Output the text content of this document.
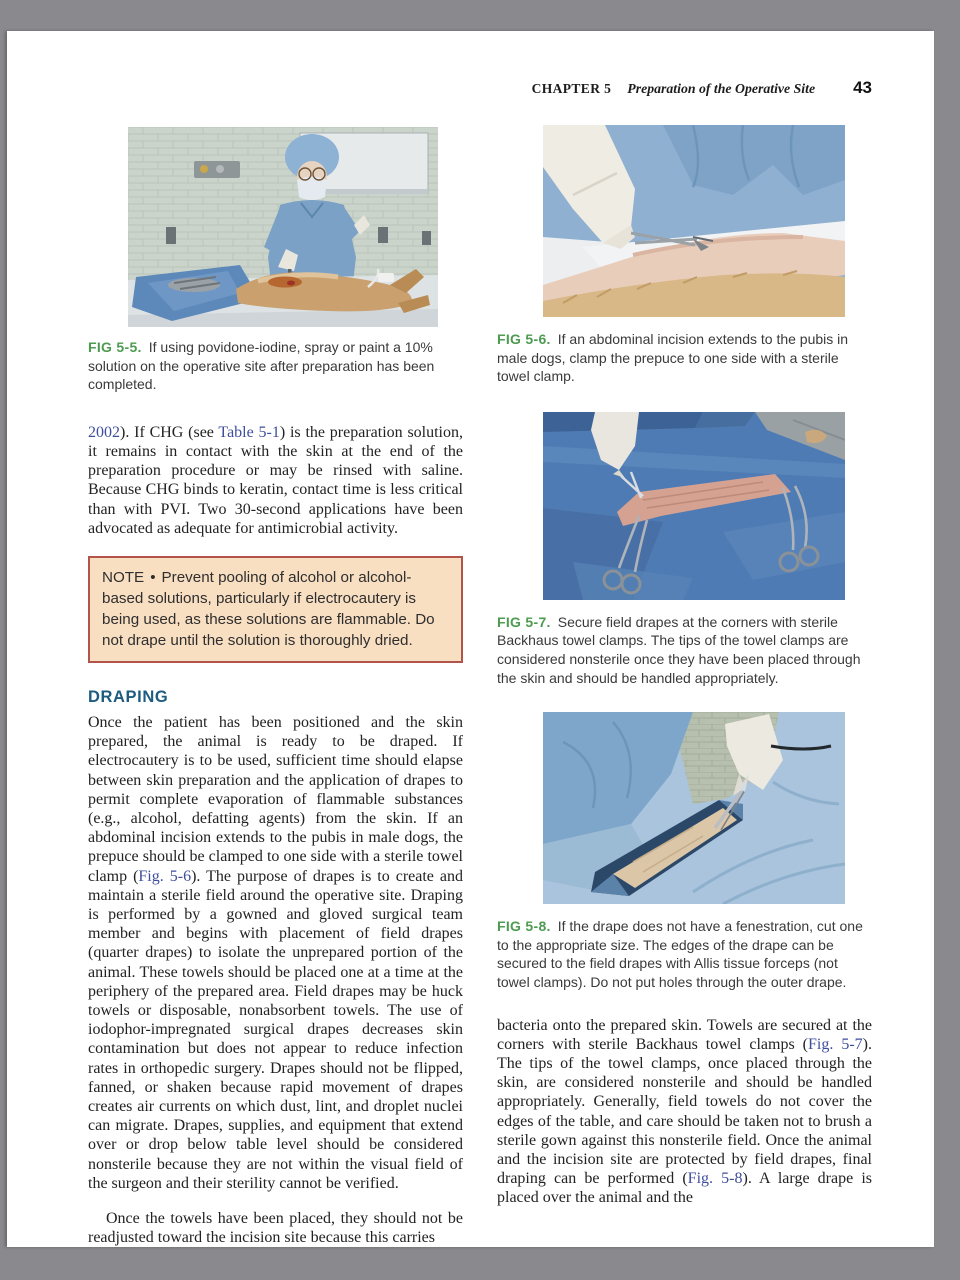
CHAPTER 5 Preparation of the Operative Site 43
FIG 5-5. If using povidone-iodine, spray or paint a 10% solution on the operative site after preparation has been completed.

2002). If CHG (see Table 5-1) is the preparation solution, it remains in contact with the skin at the end of the preparation procedure or may be rinsed with saline. Because CHG binds to keratin, contact time is less critical than with PVI. Two 30-second applications have been advocated as adequate for antimicrobial activity.

NOTE • Prevent pooling of alcohol or alcohol-based solutions, particularly if electrocautery is being used, as these solutions are flammable. Do not drape until the solution is thoroughly dried.
DRAPING

Once the patient has been positioned and the skin prepared, the animal is ready to be draped. If electrocautery is to be used, sufficient time should elapse between skin preparation and the application of drapes to permit complete evaporation of flammable substances (e.g., alcohol, defatting agents) from the skin. If an abdominal incision extends to the pubis in male dogs, the prepuce should be clamped to one side with a sterile towel clamp (Fig. 5-6). The purpose of drapes is to create and maintain a sterile field around the operative site. Draping is performed by a gowned and gloved surgical team member and begins with placement of field drapes (quarter drapes) to isolate the unprepared portion of the animal. These towels should be placed one at a time at the periphery of the prepared area. Field drapes may be huck towels or disposable, nonabsorbent towels. The use of iodophor-impregnated surgical drapes decreases skin contamination but does not appear to reduce infection rates in orthopedic surgery. Drapes should not be flipped, fanned, or shaken because rapid movement of drapes creates air currents on which dust, lint, and droplet nuclei can migrate. Drapes, supplies, and equipment that extend over or drop below table level should be considered nonsterile because they are not within the visual field of the surgeon and their sterility cannot be verified.

Once the towels have been placed, they should not be readjusted toward the incision site because this carries

FIG 5-6. If an abdominal incision extends to the pubis in male dogs, clamp the prepuce to one side with a sterile towel clamp.
FIG 5-7. Secure field drapes at the corners with sterile Backhaus towel clamps. The tips of the towel clamps are considered nonsterile once they have been placed through the skin and should be handled appropriately.
FIG 5-8. If the drape does not have a fenestration, cut one to the appropriate size. The edges of the drape can be secured to the field drapes with Allis tissue forceps (not towel clamps). Do not put holes through the outer drape.

bacteria onto the prepared skin. Towels are secured at the corners with sterile Backhaus towel clamps (Fig. 5-7). The tips of the towel clamps, once placed through the skin, are considered nonsterile and should be handled appropriately. Generally, field towels do not cover the edges of the table, and care should be taken not to brush a sterile gown against this nonsterile field. Once the animal and the incision site are protected by field drapes, final draping can be performed (Fig. 5-8). A large drape is placed over the animal and the
